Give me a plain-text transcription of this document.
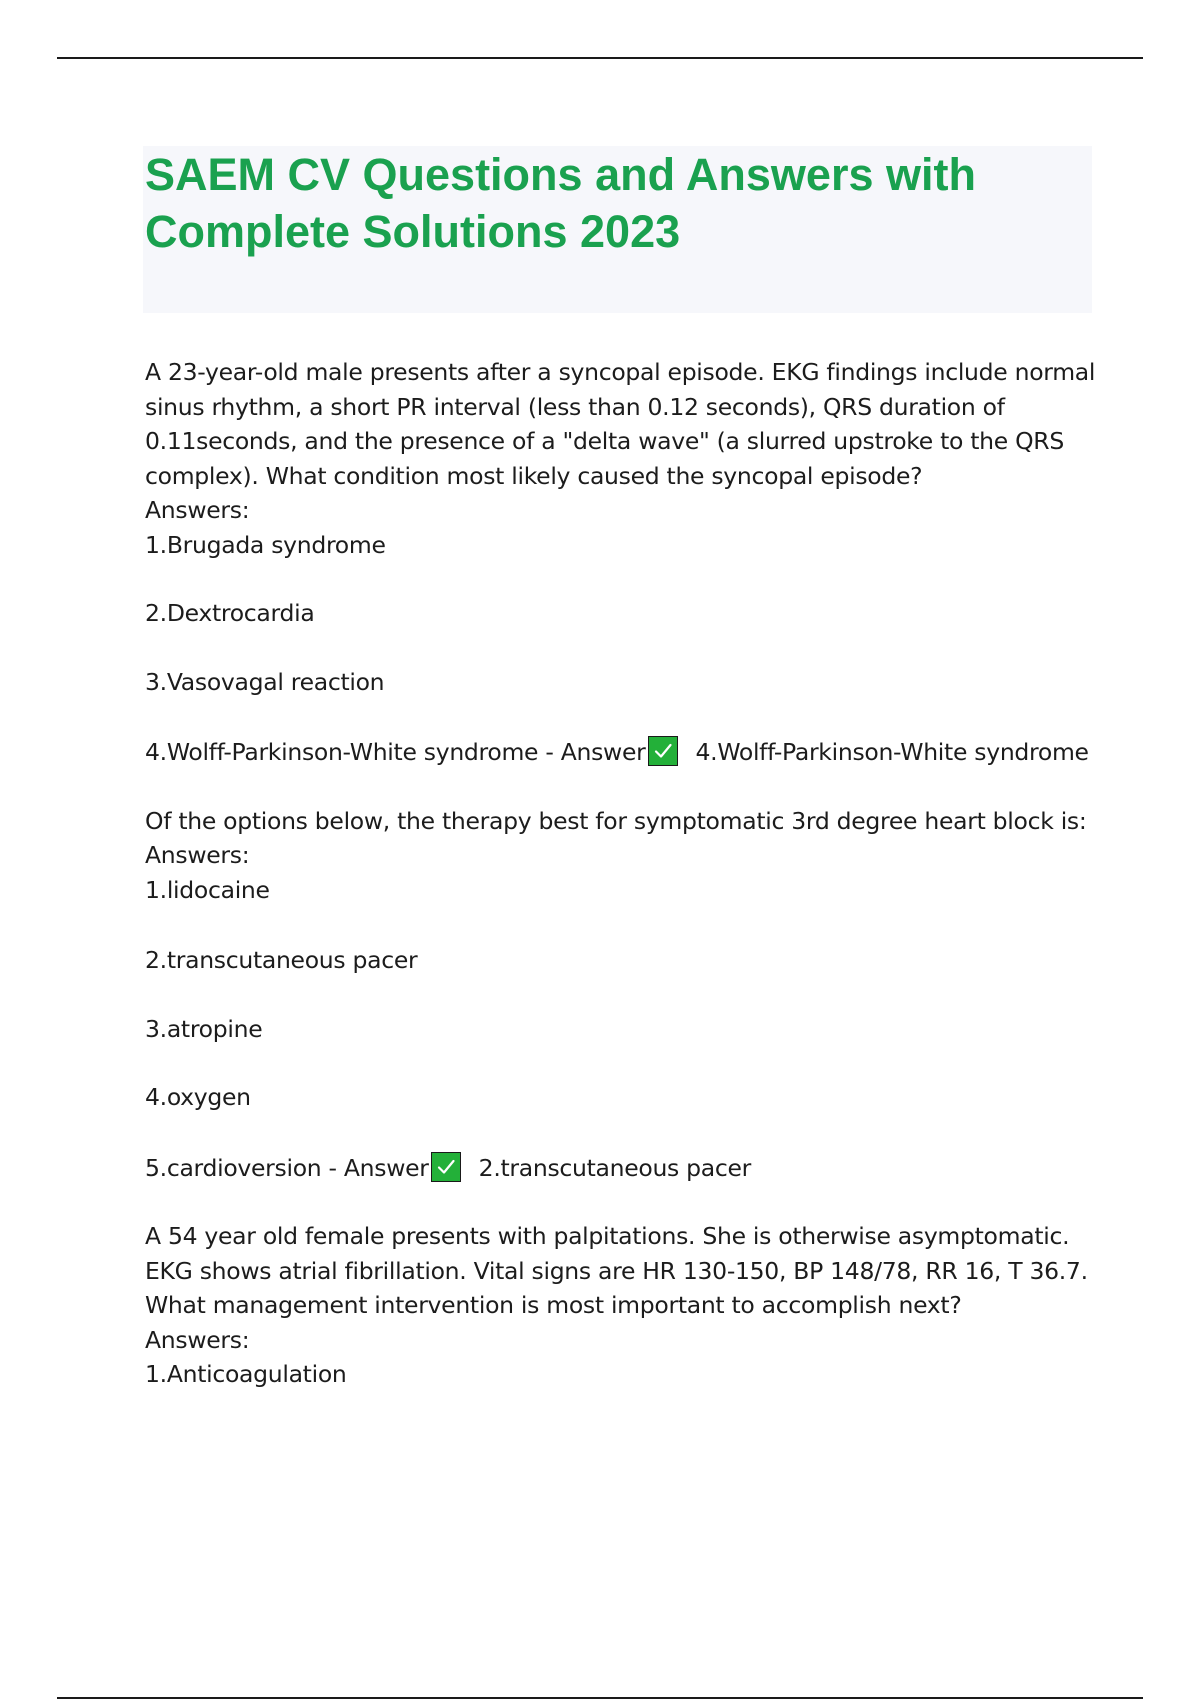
SAEM CV Questions and Answers with Complete Solutions 2023

A 23-year-old male presents after a syncopal episode. EKG findings include normal sinus rhythm, a short PR interval (less than 0.12 seconds), QRS duration of 0.11seconds, and the presence of a "delta wave" (a slurred upstroke to the QRS complex). What condition most likely caused the syncopal episode?

Answers:

1.Brugada syndrome

2.Dextrocardia

3.Vasovagal reaction

4.Wolff-Parkinson-White syndrome - Answer 4.Wolff-Parkinson-White syndrome

Of the options below, the therapy best for symptomatic 3rd degree heart block is:

Answers:

1.lidocaine

2.transcutaneous pacer

3.atropine

4.oxygen

5.cardioversion - Answer 2.transcutaneous pacer

A 54 year old female presents with palpitations. She is otherwise asymptomatic. EKG shows atrial fibrillation. Vital signs are HR 130-150, BP 148/78, RR 16, T 36.7. What management intervention is most important to accomplish next?

Answers:

1.Anticoagulation
